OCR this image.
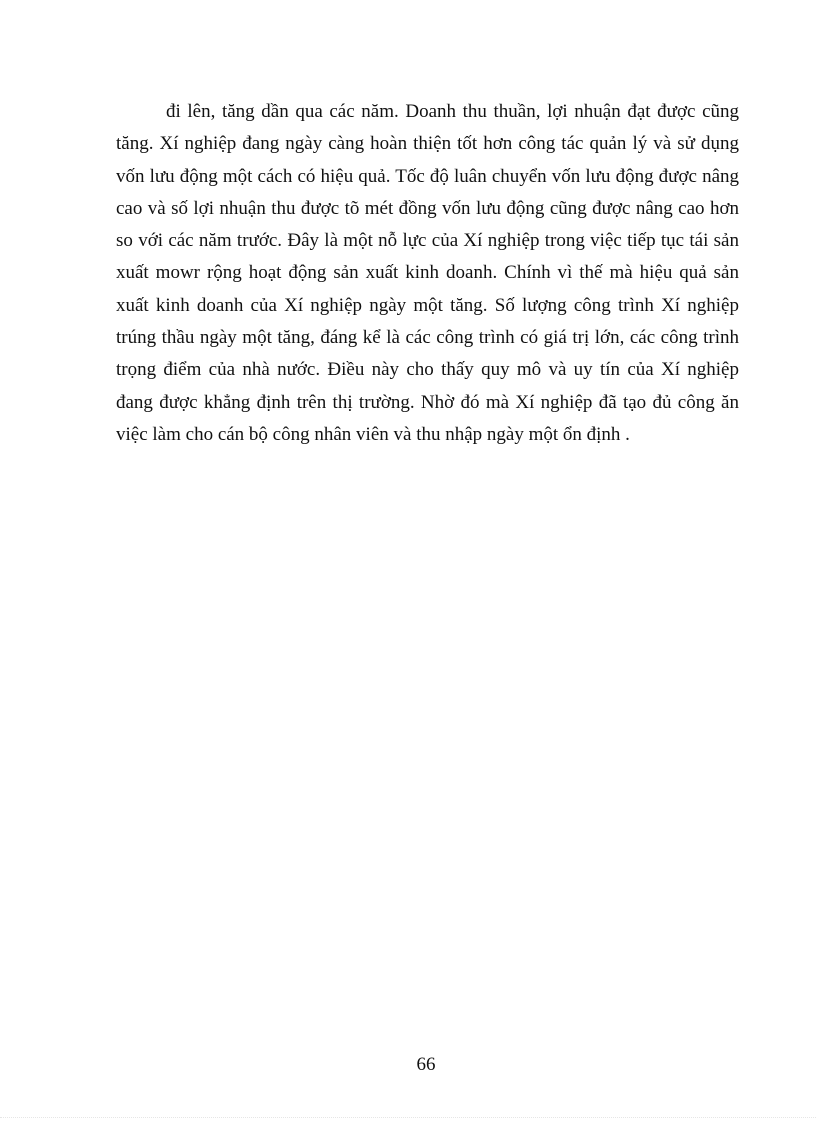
đi lên, tăng dần qua các năm. Doanh thu thuần, lợi nhuận đạt được cũng tăng. Xí nghiệp đang ngày càng hoàn thiện tốt hơn công tác quản lý và sử dụng vốn lưu động một cách có hiệu quả. Tốc độ luân chuyển vốn lưu động được nâng cao và số lợi nhuận thu được tõ mét đồng vốn lưu động cũng được nâng cao hơn so với các năm trước. Đây là một nỗ lực của Xí nghiệp trong việc tiếp tục tái sản xuất mowr rộng hoạt động sản xuất kinh doanh. Chính vì thế mà hiệu quả sản xuất kinh doanh của Xí nghiệp ngày một tăng. Số lượng công trình Xí nghiệp trúng thầu ngày một tăng, đáng kể là các công trình có giá trị lớn, các công trình trọng điểm của nhà nước. Điều này cho thấy quy mô và uy tín của Xí nghiệp đang được khẳng định trên thị trường. Nhờ đó mà Xí nghiệp đã tạo đủ công ăn việc làm cho cán bộ công nhân viên và thu nhập ngày một ổn định .

66
